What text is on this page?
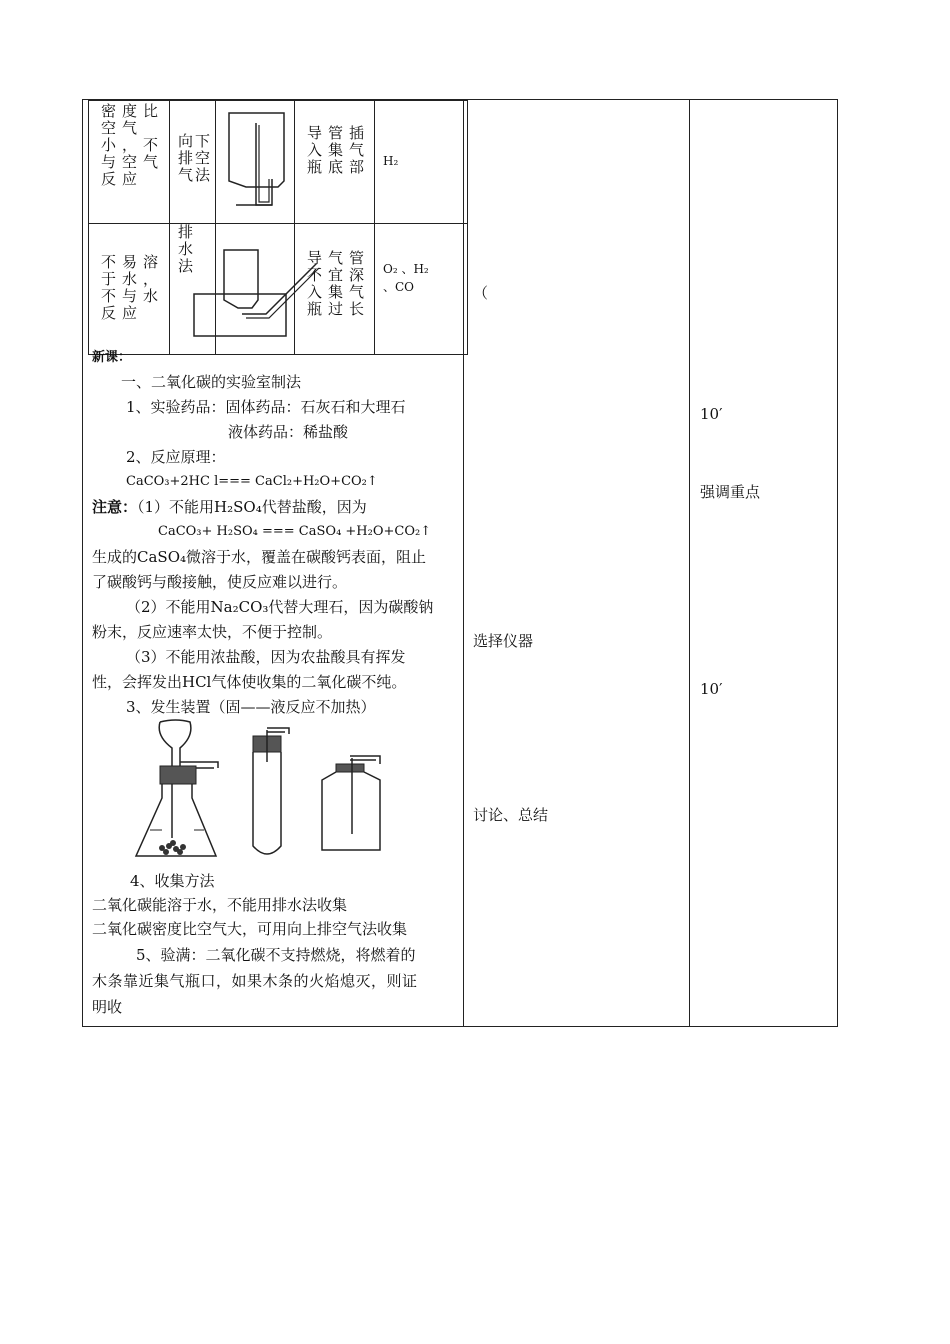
密度比空气小，不与空气反应	向下排空气法		导管插入集气瓶底部	H₂

不易溶于水，不与水反应	排水法		导气管不宜深入集气瓶过长	O₂ 、H₂ 、CO
新课：
一、二氧化碳的实验室制法
1、实验药品：固体药品：石灰石和大理石
液体药品：稀盐酸
2、反应原理：
CaCO₃+2HC l=== CaCl₂+H₂O+CO₂↑
注意：（1）不能用H₂SO₄代替盐酸，因为
CaCO₃+ H₂SO₄ === CaSO₄ +H₂O+CO₂↑
生成的CaSO₄微溶于水，覆盖在碳酸钙表面，阻止
了碳酸钙与酸接触，使反应难以进行。
（2）不能用Na₂CO₃代替大理石，因为碳酸钠
粉末，反应速率太快，不便于控制。
（3）不能用浓盐酸，因为农盐酸具有挥发
性，会挥发出HCl气体使收集的二氧化碳不纯。
3、发生装置（固——液反应不加热）
4、收集方法
二氧化碳能溶于水，不能用排水法收集
二氧化碳密度比空气大，可用向上排空气法收集
5、验满：二氧化碳不支持燃烧，将燃着的
木条靠近集气瓶口，如果木条的火焰熄灭，则证
明收
（
选择仪器
讨论、总结
10′
强调重点
10′
